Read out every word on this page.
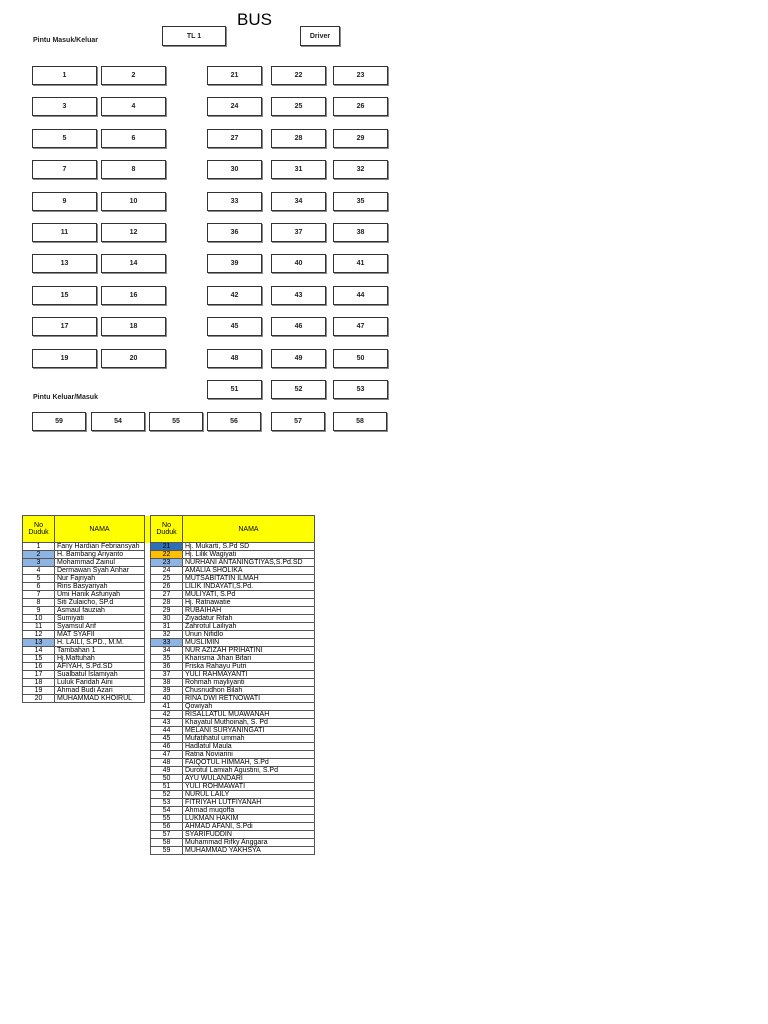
BUS
Pintu Masuk/Keluar
TL 1	Driver
1	2
3	4
5	6
7	8
9	10
11	12
13	14
15	16
17	18
19	20
21	22	23
24	25	26
27	28	29
30	31	32
33	34	35
36	37	38
39	40	41
42	43	44
45	46	47
48	49	50
51	52	53
Pintu Keluar/Masuk
59	54	55	56	57	58
No Duduk	NAMA		No Duduk	NAMA
1	Fany Hardian Febriansyah		21	Hj. Mukarti, S.Pd SD
2	H. Bambang Ariyanto		22	Hj. Lilik Wagiyati
3	Mohammad Zainul		23	NURHANI ANTANINGTIYAS,S.Pd.SD
4	Dermawan Syah Anhar		24	AMALIA SHOLIKA
5	Nur Fajriyah		25	MUTSABITATIN ILMAH
6	Riris Basyariyah		26	LILIK INDAYATI,S.Pd.
7	Umi Hanik Asfuriyah		27	MULIYATI, S.Pd
8	Siti Zulaicho, SP.d		28	Hj. Ratnawatie
9	Asmaul fauziah		29	RUBAIHAH
10	Sumiyati		30	Ziyadatur Rifah
11	Syamsul Arif		31	Zahrotul Lailiyah
12	MAT SYAFII		32	Unun Nifidlo
13	H. LAILI, S.PD., M.M.		33	MUSLIMIN
14	Tambahan 1		34	NUR AZIZAH PRIHATINI
15	Hj.Maftuhah		35	Kharisma Jihan Bifari
16	AFIYAH, S.Pd.SD		36	Friska Rahayu Putri
17	Sualbatul Islamiyah		37	YULI RAHMAYANTI
18	Luluk Faridah Aini		38	Rohmah mayliyanti
19	Ahmad Budi Azari		39	Chusnudhon Bilah
20	MUHAMMAD KHOIRUL		40	RINA DWI RETNOWATI
			41	Qowiyah
			42	RISALLATUL MUAWANAH
			43	Khayatul Muthoinah, S. Pd
			44	MELANI SURYANINGATI
			45	Mufatihatul ummah
			46	Hadlatul Maula
			47	Ratna Noviarini
			48	FAIQOTUL HIMMAH, S.Pd
			49	Durotul Lamiah Agustini, S.Pd
			50	AYU WULANDARI
			51	YULI ROHMAWATI
			52	NURUL LAILY
			53	FITRIYAH LUTFIYANAH
			54	Ahmad muqoffa
			55	LUKMAN HAKIM
			56	AHMAD AFANI, S.Pdi
			57	SYARIFUDDIN
			58	Muhammad Rifky Anggara
			59	MUHAMMAD YAKHSYA
